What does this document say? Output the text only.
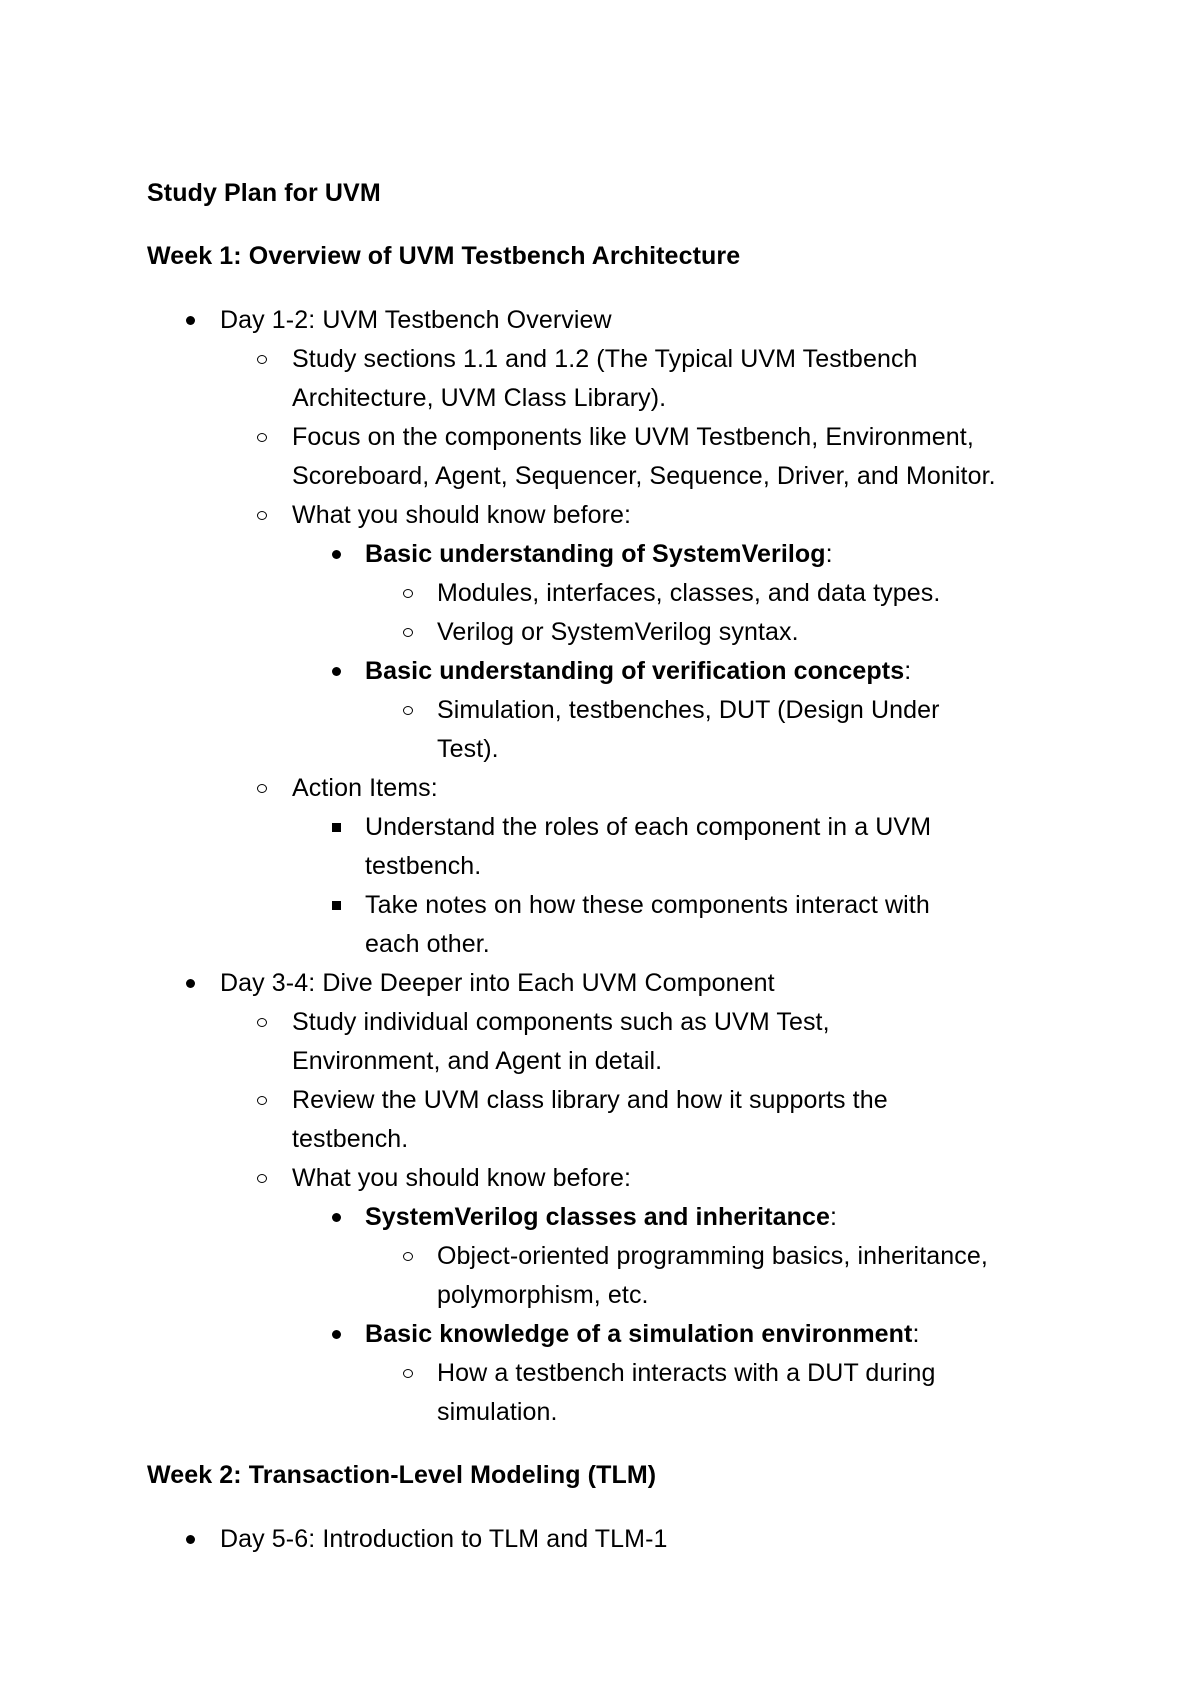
Study Plan for UVM
Week 1: Overview of UVM Testbench Architecture
Day 1-2: UVM Testbench Overview
Study sections 1.1 and 1.2 (The Typical UVM Testbench
Architecture, UVM Class Library).
Focus on the components like UVM Testbench, Environment,
Scoreboard, Agent, Sequencer, Sequence, Driver, and Monitor.
What you should know before:
Basic understanding of SystemVerilog:
Modules, interfaces, classes, and data types.
Verilog or SystemVerilog syntax.
Basic understanding of verification concepts:
Simulation, testbenches, DUT (Design Under
Test).
Action Items:
Understand the roles of each component in a UVM
testbench.
Take notes on how these components interact with
each other.
Day 3-4: Dive Deeper into Each UVM Component
Study individual components such as UVM Test,
Environment, and Agent in detail.
Review the UVM class library and how it supports the
testbench.
What you should know before:
SystemVerilog classes and inheritance:
Object-oriented programming basics, inheritance,
polymorphism, etc.
Basic knowledge of a simulation environment:
How a testbench interacts with a DUT during
simulation.
Week 2: Transaction-Level Modeling (TLM)
Day 5-6: Introduction to TLM and TLM-1
